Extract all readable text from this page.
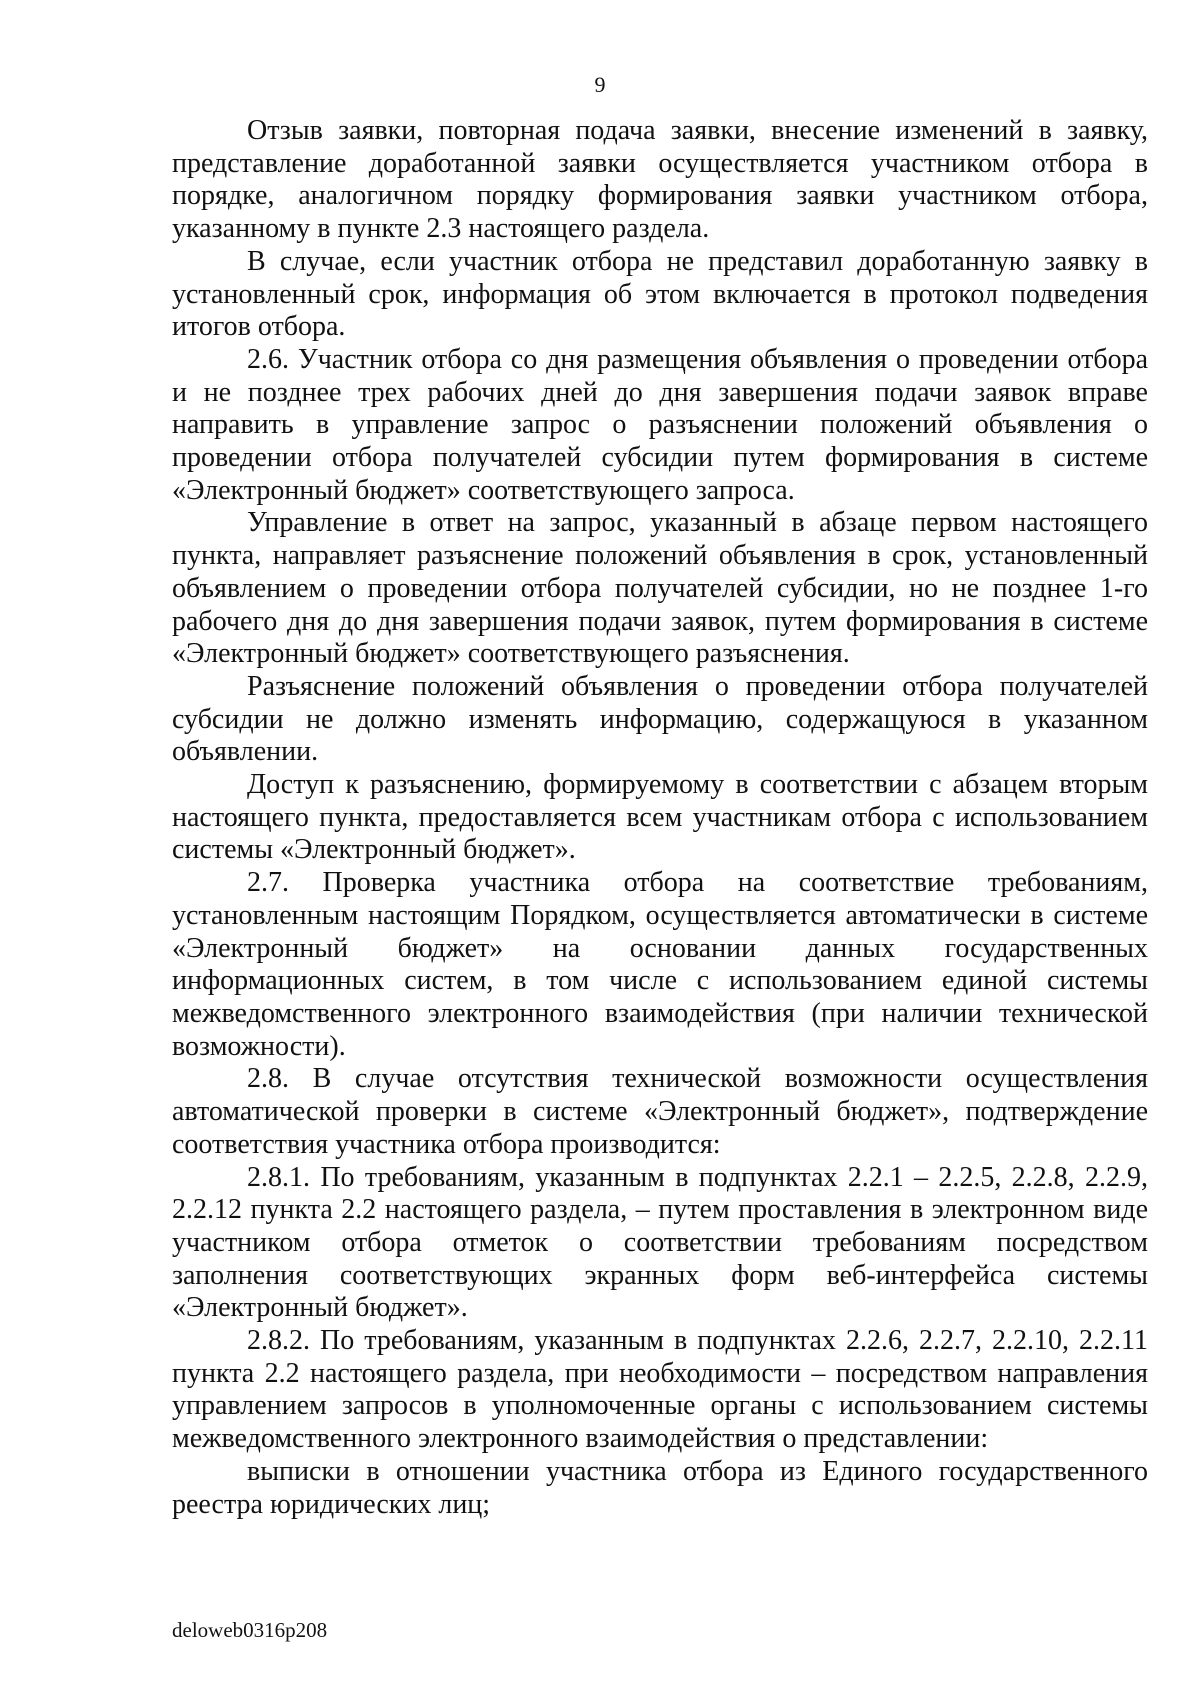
9

Отзыв заявки, повторная подача заявки, внесение изменений в заявку, представление доработанной заявки осуществляется участником отбора в порядке, аналогичном порядку формирования заявки участником отбора, указанному в пункте 2.3 настоящего раздела.

В случае, если участник отбора не представил доработанную заявку в установленный срок, информация об этом включается в протокол подведения итогов отбора.

2.6. Участник отбора со дня размещения объявления о проведении отбора и не позднее трех рабочих дней до дня завершения подачи заявок вправе направить в управление запрос о разъяснении положений объявления о проведении отбора получателей субсидии путем формирования в системе «Электронный бюджет» соответствующего запроса.

Управление в ответ на запрос, указанный в абзаце первом настоящего пункта, направляет разъяснение положений объявления в срок, установленный объявлением о проведении отбора получателей субсидии, но не позднее 1-го рабочего дня до дня завершения подачи заявок, путем формирования в системе «Электронный бюджет» соответствующего разъяснения.

Разъяснение положений объявления о проведении отбора получателей субсидии не должно изменять информацию, содержащуюся в указанном объявлении.

Доступ к разъяснению, формируемому в соответствии с абзацем вторым настоящего пункта, предоставляется всем участникам отбора с использованием системы «Электронный бюджет».

2.7. Проверка участника отбора на соответствие требованиям, установленным настоящим Порядком, осуществляется автоматически в системе «Электронный бюджет» на основании данных государственных информационных систем, в том числе с использованием единой системы межведомственного электронного взаимодействия (при наличии технической возможности).

2.8. В случае отсутствия технической возможности осуществления автоматической проверки в системе «Электронный бюджет», подтверждение соответствия участника отбора производится:

2.8.1. По требованиям, указанным в подпунктах 2.2.1 – 2.2.5, 2.2.8, 2.2.9, 2.2.12 пункта 2.2 настоящего раздела, – путем проставления в электронном виде участником отбора отметок о соответствии требованиям посредством заполнения соответствующих экранных форм веб-интерфейса системы «Электронный бюджет».

2.8.2. По требованиям, указанным в подпунктах 2.2.6, 2.2.7, 2.2.10, 2.2.11 пункта 2.2 настоящего раздела, при необходимости – посредством направления управлением запросов в уполномоченные органы с использованием системы межведомственного электронного взаимодействия о представлении:

выписки в отношении участника отбора из Единого государственного реестра юридических лиц;

deloweb0316p208
